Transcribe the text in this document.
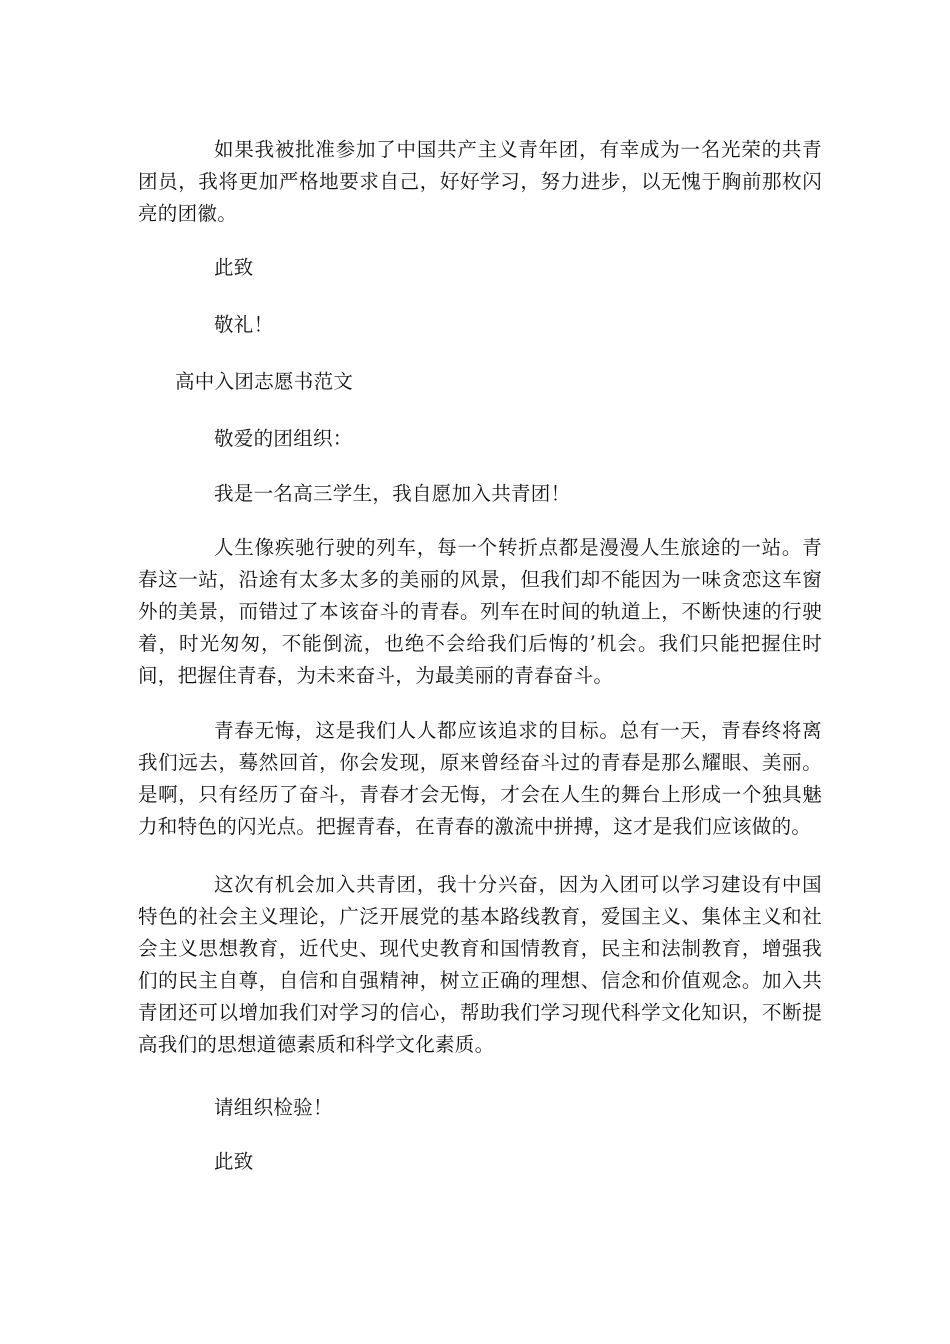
如果我被批准参加了中国共产主义青年团，有幸成为一名光荣的共青团员，我将更加严格地要求自己，好好学习，努力进步，以无愧于胸前那枚闪亮的团徽。

此致

敬礼！

高中入团志愿书范文

敬爱的团组织：

我是一名高三学生，我自愿加入共青团！

人生像疾驰行驶的列车，每一个转折点都是漫漫人生旅途的一站。青春这一站，沿途有太多太多的美丽的风景，但我们却不能因为一味贪恋这车窗外的美景，而错过了本该奋斗的青春。列车在时间的轨道上，不断快速的行驶着，时光匆匆，不能倒流，也绝不会给我们后悔的’机会。我们只能把握住时间，把握住青春，为未来奋斗，为最美丽的青春奋斗。

青春无悔，这是我们人人都应该追求的目标。总有一天，青春终将离我们远去，蓦然回首，你会发现，原来曾经奋斗过的青春是那么耀眼、美丽。是啊，只有经历了奋斗，青春才会无悔，才会在人生的舞台上形成一个独具魅力和特色的闪光点。把握青春，在青春的激流中拼搏，这才是我们应该做的。

这次有机会加入共青团，我十分兴奋，因为入团可以学习建设有中国特色的社会主义理论，广泛开展党的基本路线教育，爱国主义、集体主义和社会主义思想教育，近代史、现代史教育和国情教育，民主和法制教育，增强我们的民主自尊，自信和自强精神，树立正确的理想、信念和价值观念。加入共青团还可以增加我们对学习的信心，帮助我们学习现代科学文化知识，不断提高我们的思想道德素质和科学文化素质。

请组织检验！

此致
